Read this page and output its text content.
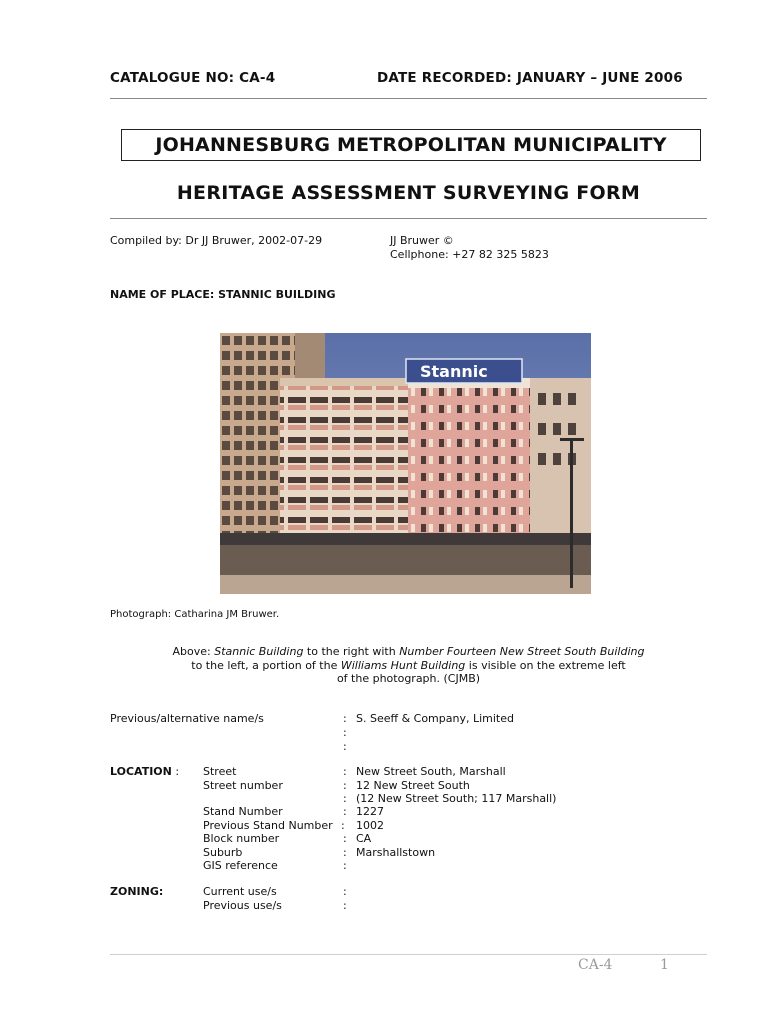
CATALOGUE NO: CA-4	DATE RECORDED: JANUARY – JUNE 2006
JOHANNESBURG METROPOLITAN MUNICIPALITY
HERITAGE ASSESSMENT SURVEYING FORM
Compiled by: Dr JJ Bruwer, 2002-07-29	JJ Bruwer ©
Cellphone: +27 82 325 5823
NAME OF PLACE: STANNIC BUILDING
Stannic
Photograph: Catharina JM Bruwer.
Above: Stannic Building to the right with Number Fourteen New Street South Building
to the left, a portion of the Williams Hunt Building is visible on the extreme left
of the photograph. (CJMB)
Previous/alternative name/s	: S. Seeff & Company, Limited
:
:
LOCATION : Street	: New Street South, Marshall
Street number	: 12 New Street South
: (12 New Street South; 117 Marshall)
Stand Number	: 1227
Previous Stand Number : 1002
Block number	: CA
Suburb	: Marshallstown
GIS reference	:
ZONING:	Current use/s	:
Previous use/s	:
CA-4	1
